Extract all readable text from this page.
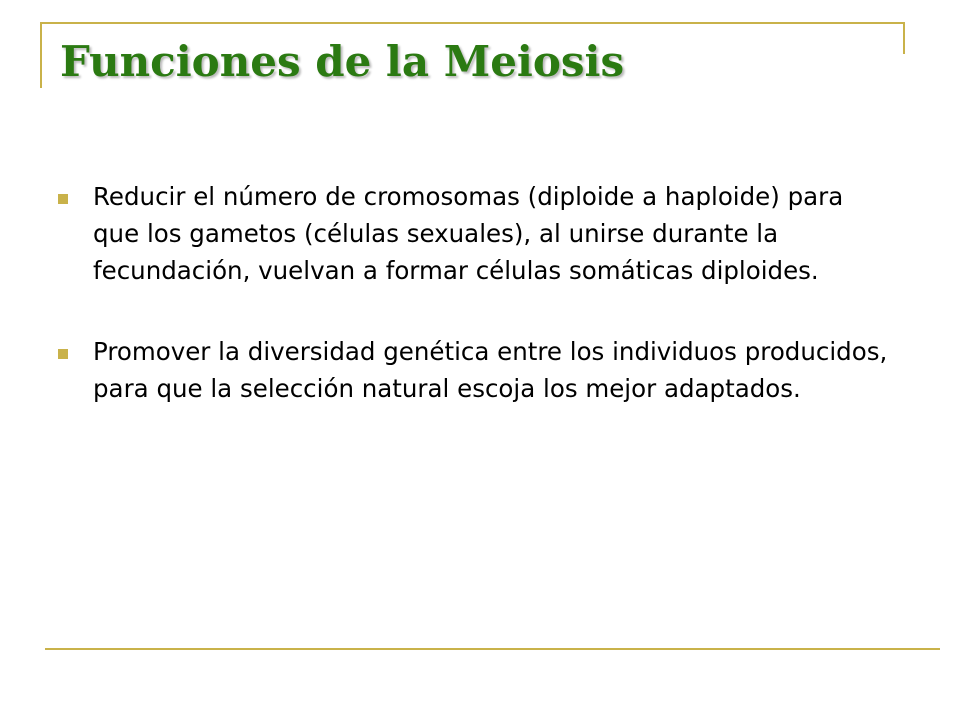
Funciones de la Meiosis
Reducir el número de cromosomas (diploide a haploide) para que los gametos (células sexuales), al unirse durante la fecundación, vuelvan a formar células somáticas diploides.
Promover la diversidad genética entre los individuos producidos, para que la selección natural escoja los mejor adaptados.
